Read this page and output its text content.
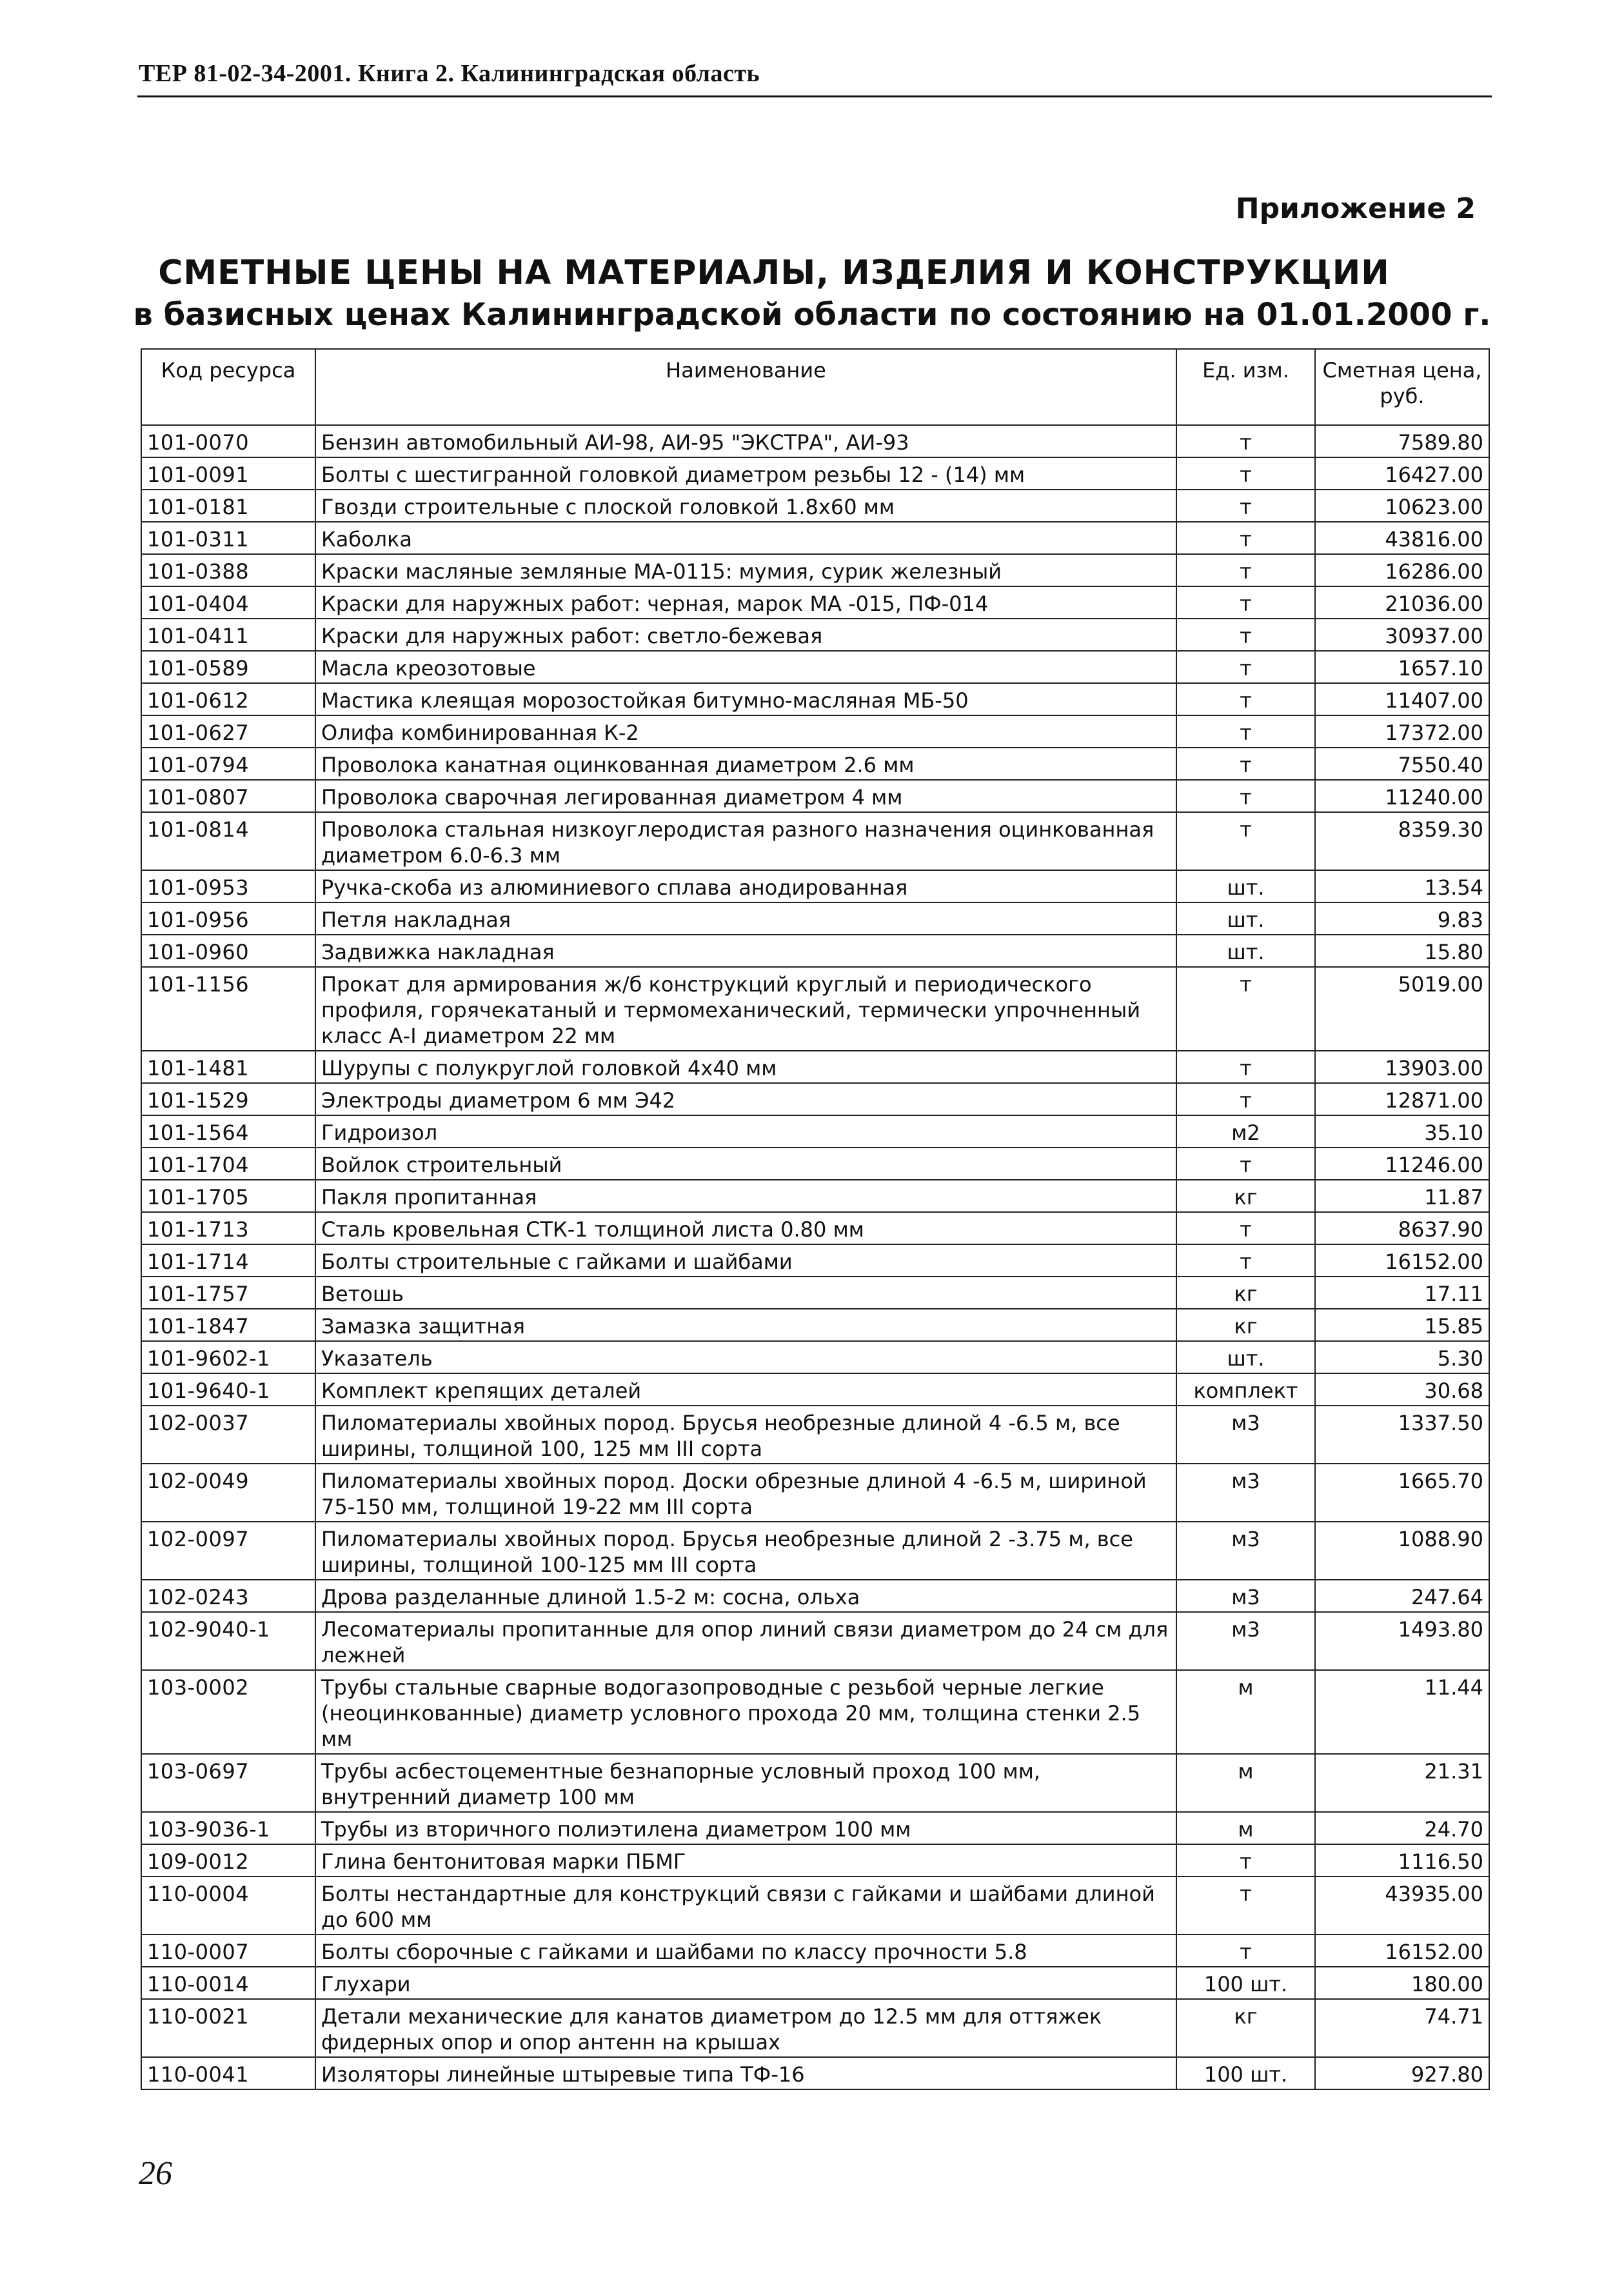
ТЕР 81-02-34-2001. Книга 2. Калининградская область
Приложение 2
СМЕТНЫЕ ЦЕНЫ НА МАТЕРИАЛЫ, ИЗДЕЛИЯ И КОНСТРУКЦИИ
в базисных ценах Калининградской области по состоянию на 01.01.2000 г.
Код ресурса	Наименование	Ед. изм.	Сметная цена, руб.
101-0070	Бензин автомобильный АИ-98, АИ-95 "ЭКСТРА", АИ-93	т	7589.80
101-0091	Болты с шестигранной головкой диаметром резьбы 12 - (14) мм	т	16427.00
101-0181	Гвозди строительные с плоской головкой 1.8x60 мм	т	10623.00
101-0311	Каболка	т	43816.00
101-0388	Краски масляные земляные МА-0115: мумия, сурик железный	т	16286.00
101-0404	Краски для наружных работ: черная, марок МА -015, ПФ-014	т	21036.00
101-0411	Краски для наружных работ: светло-бежевая	т	30937.00
101-0589	Масла креозотовые	т	1657.10
101-0612	Мастика клеящая морозостойкая битумно-масляная МБ-50	т	11407.00
101-0627	Олифа комбинированная К-2	т	17372.00
101-0794	Проволока канатная оцинкованная диаметром 2.6 мм	т	7550.40
101-0807	Проволока сварочная легированная диаметром 4 мм	т	11240.00
101-0814	Проволока стальная низкоуглеродистая разного назначения оцинкованная диаметром 6.0-6.3 мм	т	8359.30
101-0953	Ручка-скоба из алюминиевого сплава анодированная	шт.	13.54
101-0956	Петля накладная	шт.	9.83
101-0960	Задвижка накладная	шт.	15.80
101-1156	Прокат для армирования ж/б конструкций круглый и периодического профиля, горячекатаный и термомеханический, термически упрочненный класс А-I диаметром 22 мм	т	5019.00
101-1481	Шурупы с полукруглой головкой 4x40 мм	т	13903.00
101-1529	Электроды диаметром 6 мм Э42	т	12871.00
101-1564	Гидроизол	м2	35.10
101-1704	Войлок строительный	т	11246.00
101-1705	Пакля пропитанная	кг	11.87
101-1713	Сталь кровельная СТК-1 толщиной листа 0.80 мм	т	8637.90
101-1714	Болты строительные с гайками и шайбами	т	16152.00
101-1757	Ветошь	кг	17.11
101-1847	Замазка защитная	кг	15.85
101-9602-1	Указатель	шт.	5.30
101-9640-1	Комплект крепящих деталей	комплект	30.68
102-0037	Пиломатериалы хвойных пород. Брусья необрезные длиной 4 -6.5 м, все ширины, толщиной 100, 125 мм III сорта	м3	1337.50
102-0049	Пиломатериалы хвойных пород. Доски обрезные длиной 4 -6.5 м, шириной 75-150 мм, толщиной 19-22 мм III сорта	м3	1665.70
102-0097	Пиломатериалы хвойных пород. Брусья необрезные длиной 2 -3.75 м, все ширины, толщиной 100-125 мм III сорта	м3	1088.90
102-0243	Дрова разделанные длиной 1.5-2 м: сосна, ольха	м3	247.64
102-9040-1	Лесоматериалы пропитанные для опор линий связи диаметром до 24 см для лежней	м3	1493.80
103-0002	Трубы стальные сварные водогазопроводные с резьбой черные легкие (неоцинкованные) диаметр условного прохода 20 мм, толщина стенки 2.5 мм	м	11.44
103-0697	Трубы асбестоцементные безнапорные условный проход 100 мм, внутренний диаметр 100 мм	м	21.31
103-9036-1	Трубы из вторичного полиэтилена диаметром 100 мм	м	24.70
109-0012	Глина бентонитовая марки ПБМГ	т	1116.50
110-0004	Болты нестандартные для конструкций связи с гайками и шайбами длиной до 600 мм	т	43935.00
110-0007	Болты сборочные с гайками и шайбами по классу прочности 5.8	т	16152.00
110-0014	Глухари	100 шт.	180.00
110-0021	Детали механические для канатов диаметром до 12.5 мм для оттяжек фидерных опор и опор антенн на крышах	кг	74.71
110-0041	Изоляторы линейные штыревые типа ТФ-16	100 шт.	927.80
26
